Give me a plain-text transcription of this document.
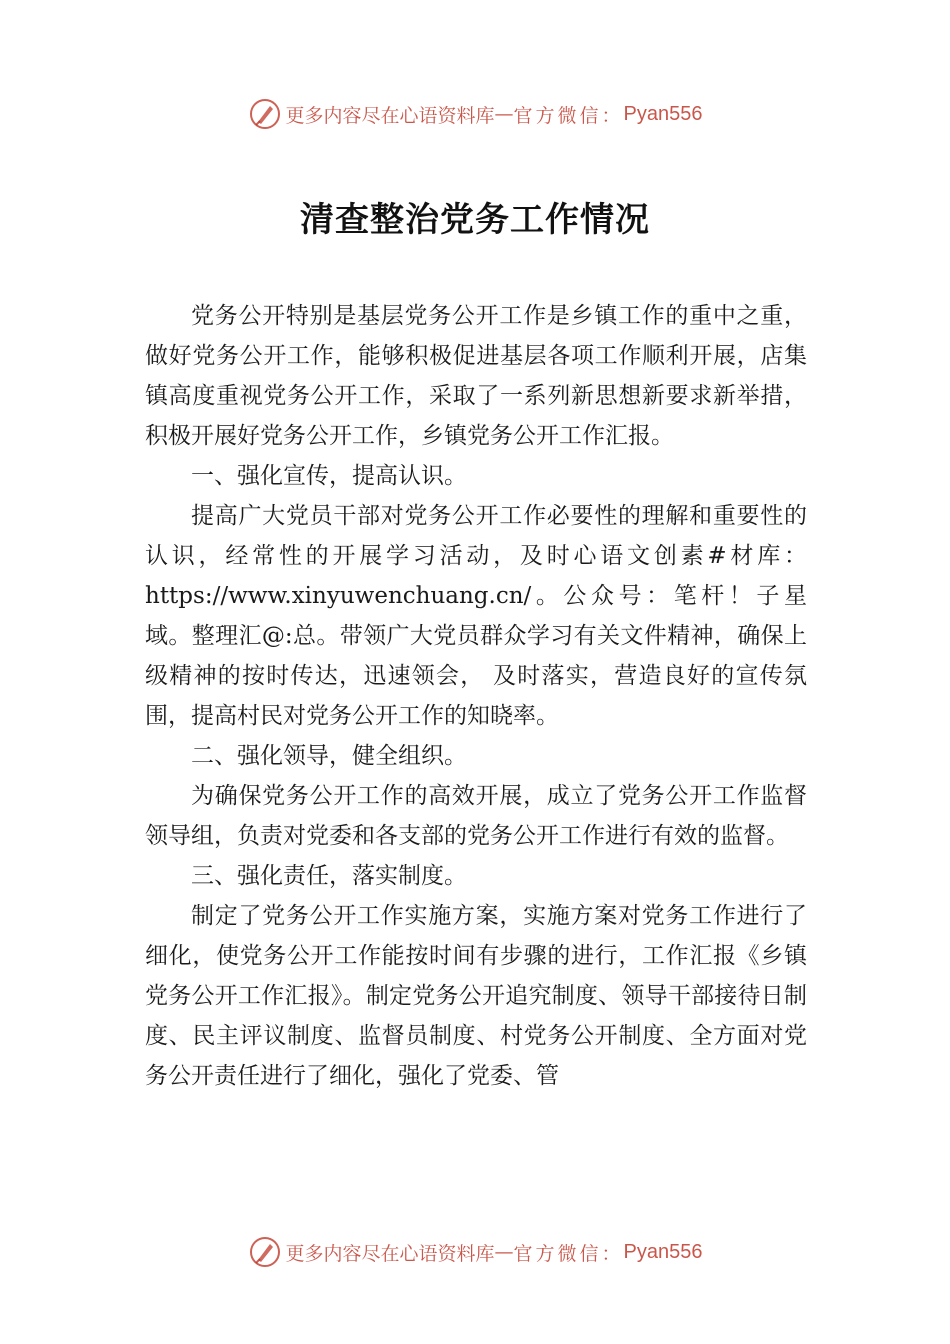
更多内容尽在心语资料库 — 官方微信： Pyan556
清查整治党务工作情况

党务公开特别是基层党务公开工作是乡镇工作的重中之重，做好党务公开工作，能够积极促进基层各项工作顺利开展，店集镇高度重视党务公开工作，采取了一系列新思想新要求新举措，积极开展好党务公开工作，乡镇党务公开工作汇报。

一、强化宣传，提高认识。

提高广大党员干部对党务公开工作必要性的理解和重要性的认识，经常性的开展学习活动，及时心语文创素#材库：https://www.xinyuwenchuang.cn/。公众号：笔杆！子星域。整理汇@:总。带领广大党员群众学习有关文件精神，确保上级精神的按时传达，迅速领会， 及时落实，营造良好的宣传氛围，提高村民对党务公开工作的知晓率。

二、强化领导，健全组织。

为确保党务公开工作的高效开展，成立了党务公开工作监督领导组，负责对党委和各支部的党务公开工作进行有效的监督。

三、强化责任，落实制度。

制定了党务公开工作实施方案，实施方案对党务工作进行了细化，使党务公开工作能按时间有步骤的进行，工作汇报《乡镇党务公开工作汇报》。制定党务公开追究制度、领导干部接待日制度、民主评议制度、监督员制度、村党务公开制度、全方面对党务公开责任进行了细化，强化了党委、管

更多内容尽在心语资料库 — 官方微信： Pyan556
